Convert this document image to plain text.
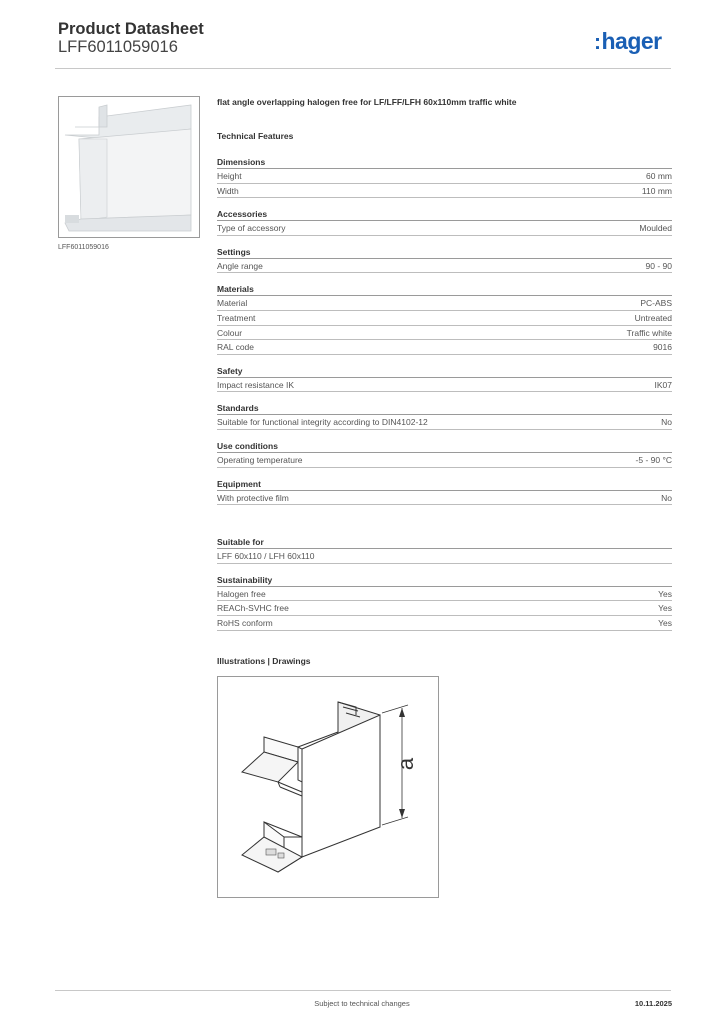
Product Datasheet
LFF6011059016	:hager
LFF6011059016
flat angle overlapping halogen free for LF/LFF/LFH 60x110mm traffic white
Technical Features
Dimensions
Height	60 mm
Width	110 mm
Accessories
Type of accessory	Moulded
Settings
Angle range	90 - 90
Materials
Material	PC-ABS
Treatment	Untreated
Colour	Traffic white
RAL code	9016
Safety
Impact resistance IK	IK07
Standards
Suitable for functional integrity according to DIN4102-12	No
Use conditions
Operating temperature	-5 - 90 °C
Equipment
With protective film	No
Suitable for
LFF 60x110 / LFH 60x110
Sustainability
Halogen free	Yes
REACh-SVHC free	Yes
RoHS conform	Yes
Illustrations | Drawings
a
Subject to technical changes	10.11.2025
